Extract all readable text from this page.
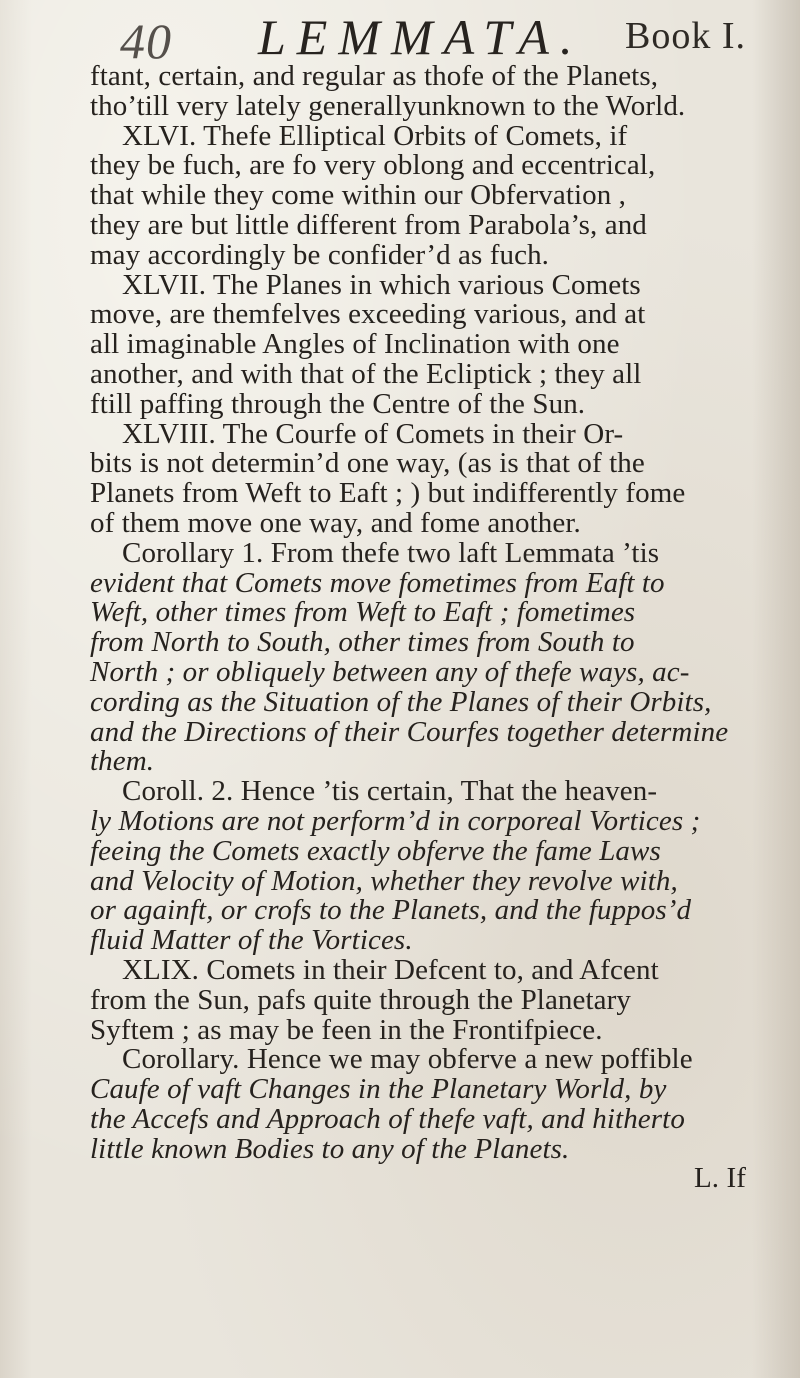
40 LEMMATA. Book I.
ftant, certain, and regular as thofe of the Planets,
tho’till very lately generallyunknown to the World.
XLVI. Thefe Elliptical Orbits of Comets, if
they be fuch, are fo very oblong and eccentrical,
that while they come within our Obfervation ,
they are but little different from Parabola’s, and
may accordingly be confider’d as fuch.
XLVII. The Planes in which various Comets
move, are themfelves exceeding various, and at
all imaginable Angles of Inclination with one
another, and with that of the Ecliptick ; they all
ftill paffing through the Centre of the Sun.
XLVIII. The Courfe of Comets in their Or-
bits is not determin’d one way, (as is that of the
Planets from Weft to Eaft ; ) but indifferently fome
of them move one way, and fome another.
Corollary 1. From thefe two laft Lemmata ’tis
evident that Comets move fometimes from Eaft to
Weft, other times from Weft to Eaft ; fometimes
from North to South, other times from South to
North ; or obliquely between any of thefe ways, ac-
cording as the Situation of the Planes of their Orbits,
and the Directions of their Courfes together determine
them.
Coroll. 2. Hence ’tis certain, That the heaven-
ly Motions are not perform’d in corporeal Vortices ;
feeing the Comets exactly obferve the fame Laws
and Velocity of Motion, whether they revolve with,
or againft, or crofs to the Planets, and the fuppos’d
fluid Matter of the Vortices.
XLIX. Comets in their Defcent to, and Afcent
from the Sun, pafs quite through the Planetary
Syftem ; as may be feen in the Frontifpiece.
Corollary. Hence we may obferve a new poffible
Caufe of vaft Changes in the Planetary World, by
the Accefs and Approach of thefe vaft, and hitherto
little known Bodies to any of the Planets.
L. If
